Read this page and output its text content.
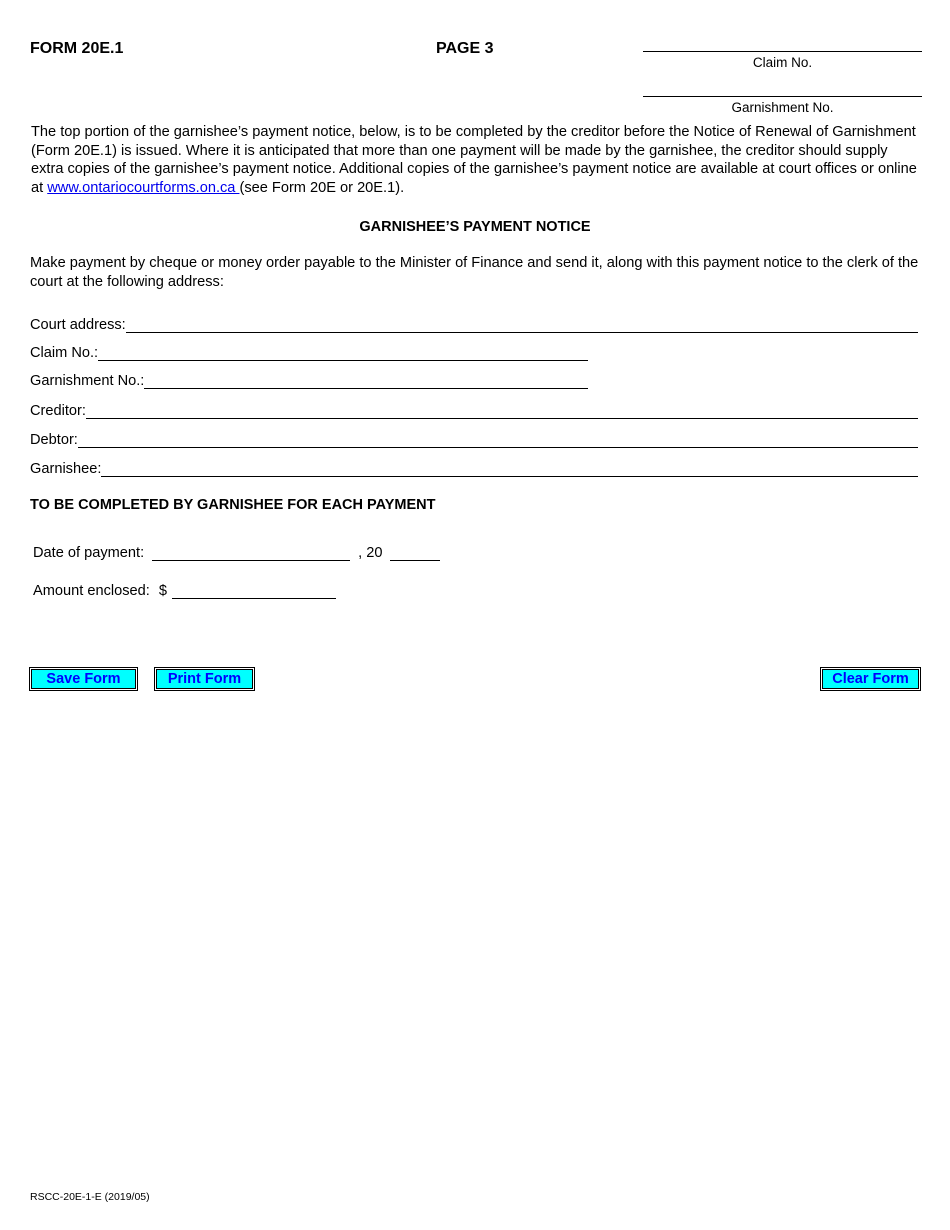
FORM 20E.1	PAGE 3
Claim No.
Garnishment No.
The top portion of the garnishee’s payment notice, below, is to be completed by the creditor before the Notice of Renewal of Garnishment (Form 20E.1) is issued. Where it is anticipated that more than one payment will be made by the garnishee, the creditor should supply extra copies of the garnishee’s payment notice. Additional copies of the garnishee’s payment notice are available at court offices or online at www.ontariocourtforms.on.ca (see Form 20E or 20E.1).
GARNISHEE’S PAYMENT NOTICE
Make payment by cheque or money order payable to the Minister of Finance and send it, along with this payment notice to the clerk of the court at the following address:
Court address:
Claim No.:
Garnishment No.:
Creditor:
Debtor:
Garnishee:
TO BE COMPLETED BY GARNISHEE FOR EACH PAYMENT
Date of payment:	, 20
Amount enclosed: $
Save Form	Print Form	Clear Form
RSCC-20E-1-E (2019/05)
